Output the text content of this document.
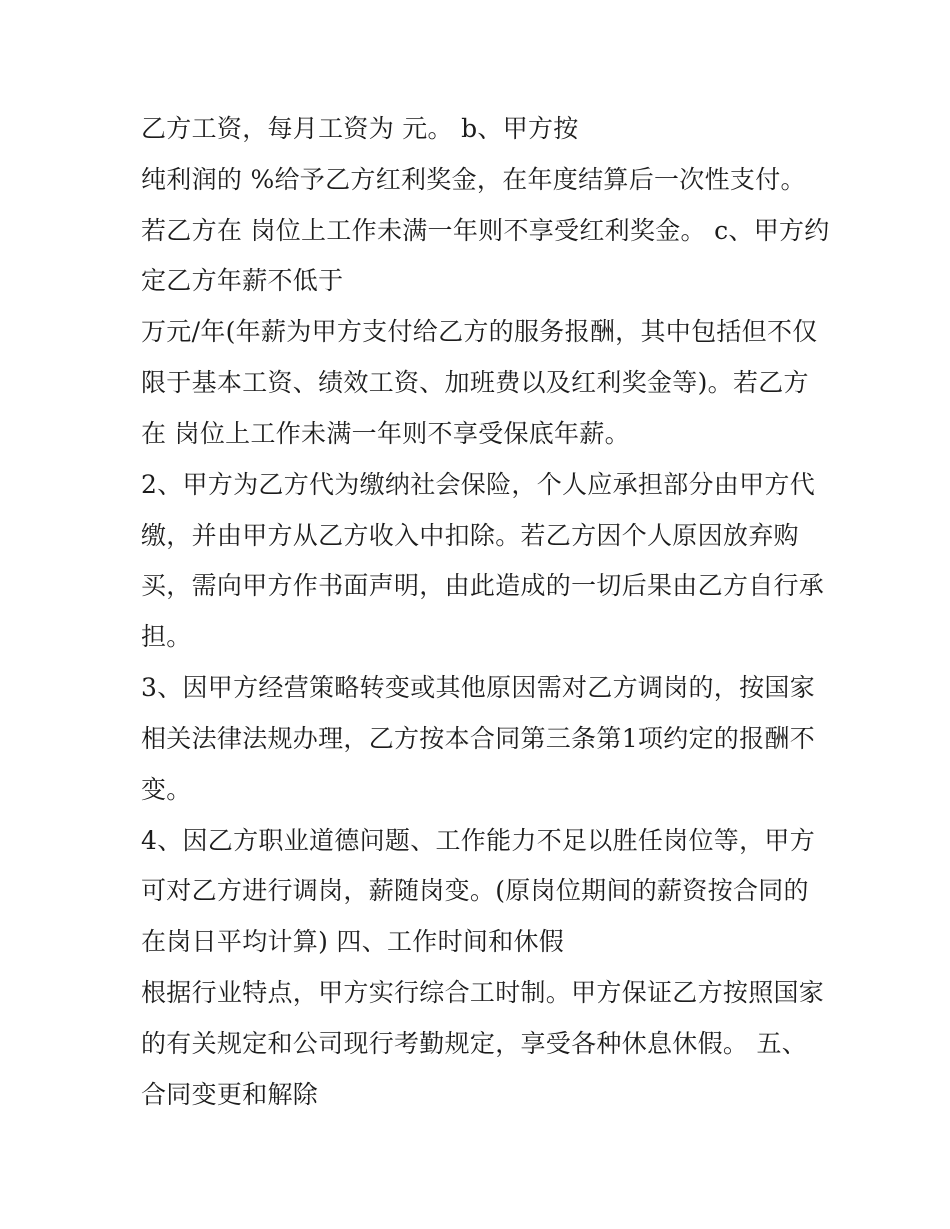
乙方工资，每月工资为 元。 b、甲方按
纯利润的 %给予乙方红利奖金，在年度结算后一次性支付。
若乙方在 岗位上工作未满一年则不享受红利奖金。 c、甲方约
定乙方年薪不低于
万元/年(年薪为甲方支付给乙方的服务报酬，其中包括但不仅
限于基本工资、绩效工资、加班费以及红利奖金等)。若乙方
在 岗位上工作未满一年则不享受保底年薪。
2、甲方为乙方代为缴纳社会保险，个人应承担部分由甲方代
缴，并由甲方从乙方收入中扣除。若乙方因个人原因放弃购
买，需向甲方作书面声明，由此造成的一切后果由乙方自行承
担。
3、因甲方经营策略转变或其他原因需对乙方调岗的，按国家
相关法律法规办理，乙方按本合同第三条第1项约定的报酬不
变。
4、因乙方职业道德问题、工作能力不足以胜任岗位等，甲方
可对乙方进行调岗，薪随岗变。(原岗位期间的薪资按合同的
在岗日平均计算) 四、工作时间和休假
根据行业特点，甲方实行综合工时制。甲方保证乙方按照国家
的有关规定和公司现行考勤规定，享受各种休息休假。 五、
合同变更和解除
